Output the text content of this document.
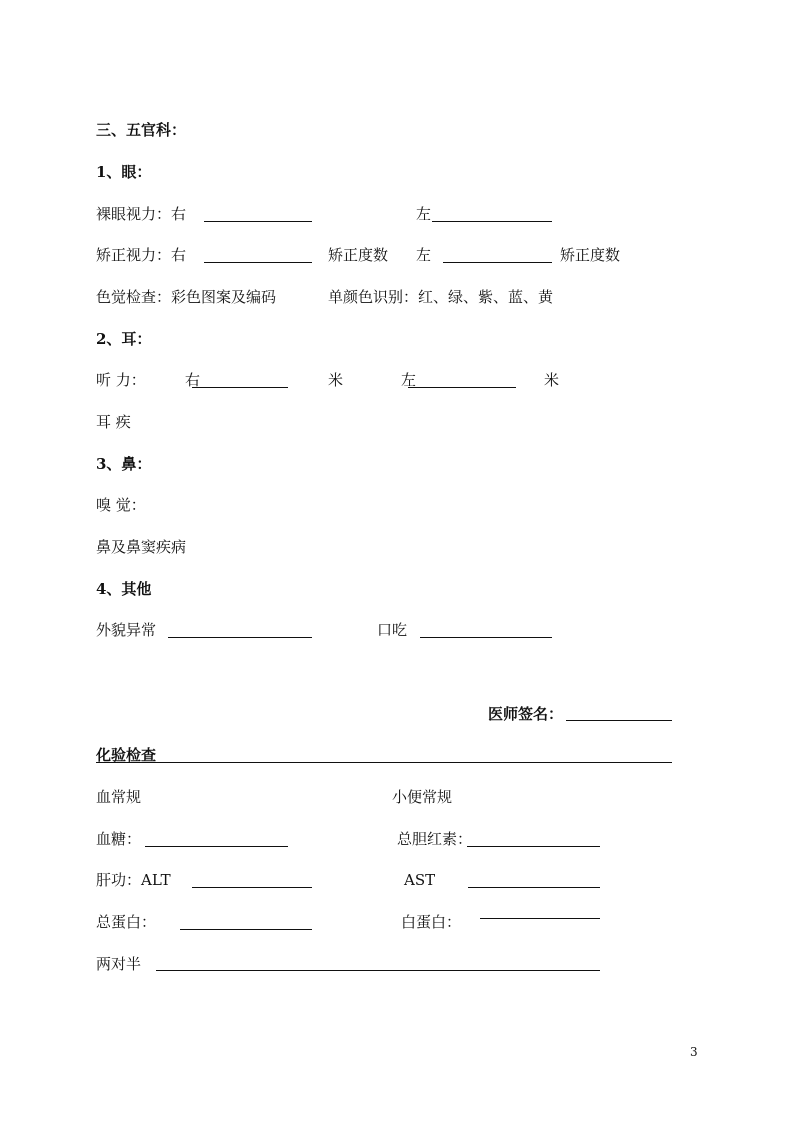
三、五官科：
1、眼：
裸眼视力：右	左
矫正视力：右	矫正度数 左	矫正度数
色觉检查：彩色图案及编码	单颜色识别：红、绿、紫、蓝、黄
2、耳：
听 力：	右	米	左	米
耳 疾
3、鼻：
嗅 觉：
鼻及鼻窦疾病
4、其他
外貌异常	口吃
医师签名：
化验检查
血常规	小便常规
血糖：	总胆红素：
肝功：ALT	AST
总蛋白：	白蛋白：
两对半
3
